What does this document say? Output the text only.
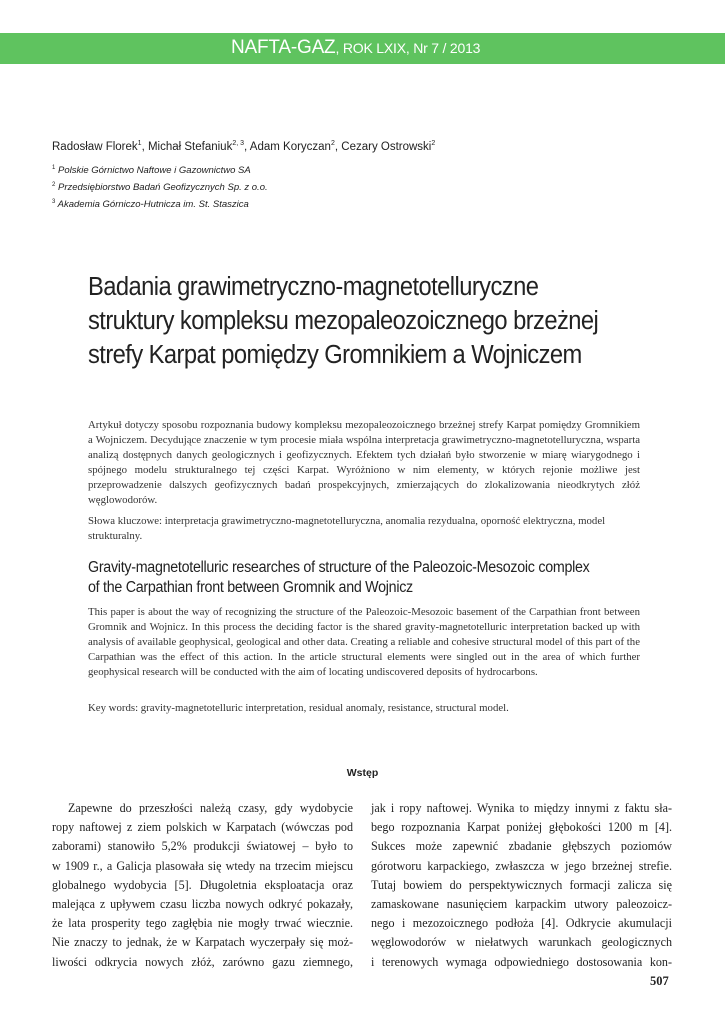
NAFTA-GAZ, ROK LXIX, Nr 7 / 2013
Radosław Florek$^1$, Michał Stefaniuk$^{2, 3}$, Adam Koryczan$^2$, Cezary Ostrowski$^2$
$^1$ Polskie Górnictwo Naftowe i Gazownictwo SA
$^2$ Przedsiębiorstwo Badań Geofizycznych Sp. z o.o.
$^3$ Akademia Górniczo-Hutnicza im. St. Staszica
Badania grawimetryczno-magnetotelluryczne
struktury kompleksu mezopaleozoicznego brzeżnej
strefy Karpat pomiędzy Gromnikiem a Wojniczem
Artykuł dotyczy sposobu rozpoznania budowy kompleksu mezopaleozoicznego brzeżnej strefy Karpat pomiędzy Gromnikiem a Wojniczem. Decydujące znaczenie w tym procesie miała wspólna interpretacja grawimetryczno-magnetotelluryczna, wsparta analizą dostępnych danych geologicznych i geofizycznych. Efektem tych działań było stworzenie w miarę wiarygodnego i spójnego modelu strukturalnego tej części Karpat. Wyróżniono w nim elementy, w których rejonie możliwe jest przeprowadzenie dalszych geofizycznych badań prospekcyjnych, zmierzających do zlokalizowania nieodkrytych złóż węglowodorów.
Słowa kluczowe: interpretacja grawimetryczno-magnetotelluryczna, anomalia rezydualna, oporność elektryczna, model strukturalny.
Gravity-magnetotelluric researches of structure of the Paleozoic-Mesozoic complex
of the Carpathian front between Gromnik and Wojnicz
This paper is about the way of recognizing the structure of the Paleozoic-Mesozoic basement of the Carpathian front between Gromnik and Wojnicz. In this process the deciding factor is the shared gravity-magnetotelluric interpretation backed up with analysis of available geophysical, geological and other data. Creating a reliable and cohesive structural model of this part of the Carpathian was the effect of this action. In the article structural elements were singled out in the area of which further geophysical research will be conducted with the aim of locating undiscovered deposits of hydrocarbons.
Key words: gravity-magnetotelluric interpretation, residual anomaly, resistance, structural model.
Wstęp
Zapewne do przeszłości należą czasy, gdy wydobycie
ropy naftowej z ziem polskich w Karpatach (wówczas pod
zaborami) stanowiło 5,2% produkcji światowej – było to
w 1909 r., a Galicja plasowała się wtedy na trzecim miejscu
globalnego wydobycia [5]. Długoletnia eksploatacja oraz
malejąca z upływem czasu liczba nowych odkryć pokazały,
że lata prosperity tego zagłębia nie mogły trwać wiecznie.
Nie znaczy to jednak, że w Karpatach wyczerpały się moż-
liwości odkrycia nowych złóż, zarówno gazu ziemnego,
jak i ropy naftowej. Wynika to między innymi z faktu sła-
bego rozpoznania Karpat poniżej głębokości 1200 m [4].
Sukces może zapewnić zbadanie głębszych poziomów
górotworu karpackiego, zwłaszcza w jego brzeżnej strefie.
Tutaj bowiem do perspektywicznych formacji zalicza się
zamaskowane nasunięciem karpackim utwory paleozoicz-
nego i mezozoicznego podłoża [4]. Odkrycie akumulacji
węglowodorów w niełatwych warunkach geologicznych
i terenowych wymaga odpowiedniego dostosowania kon-
507
